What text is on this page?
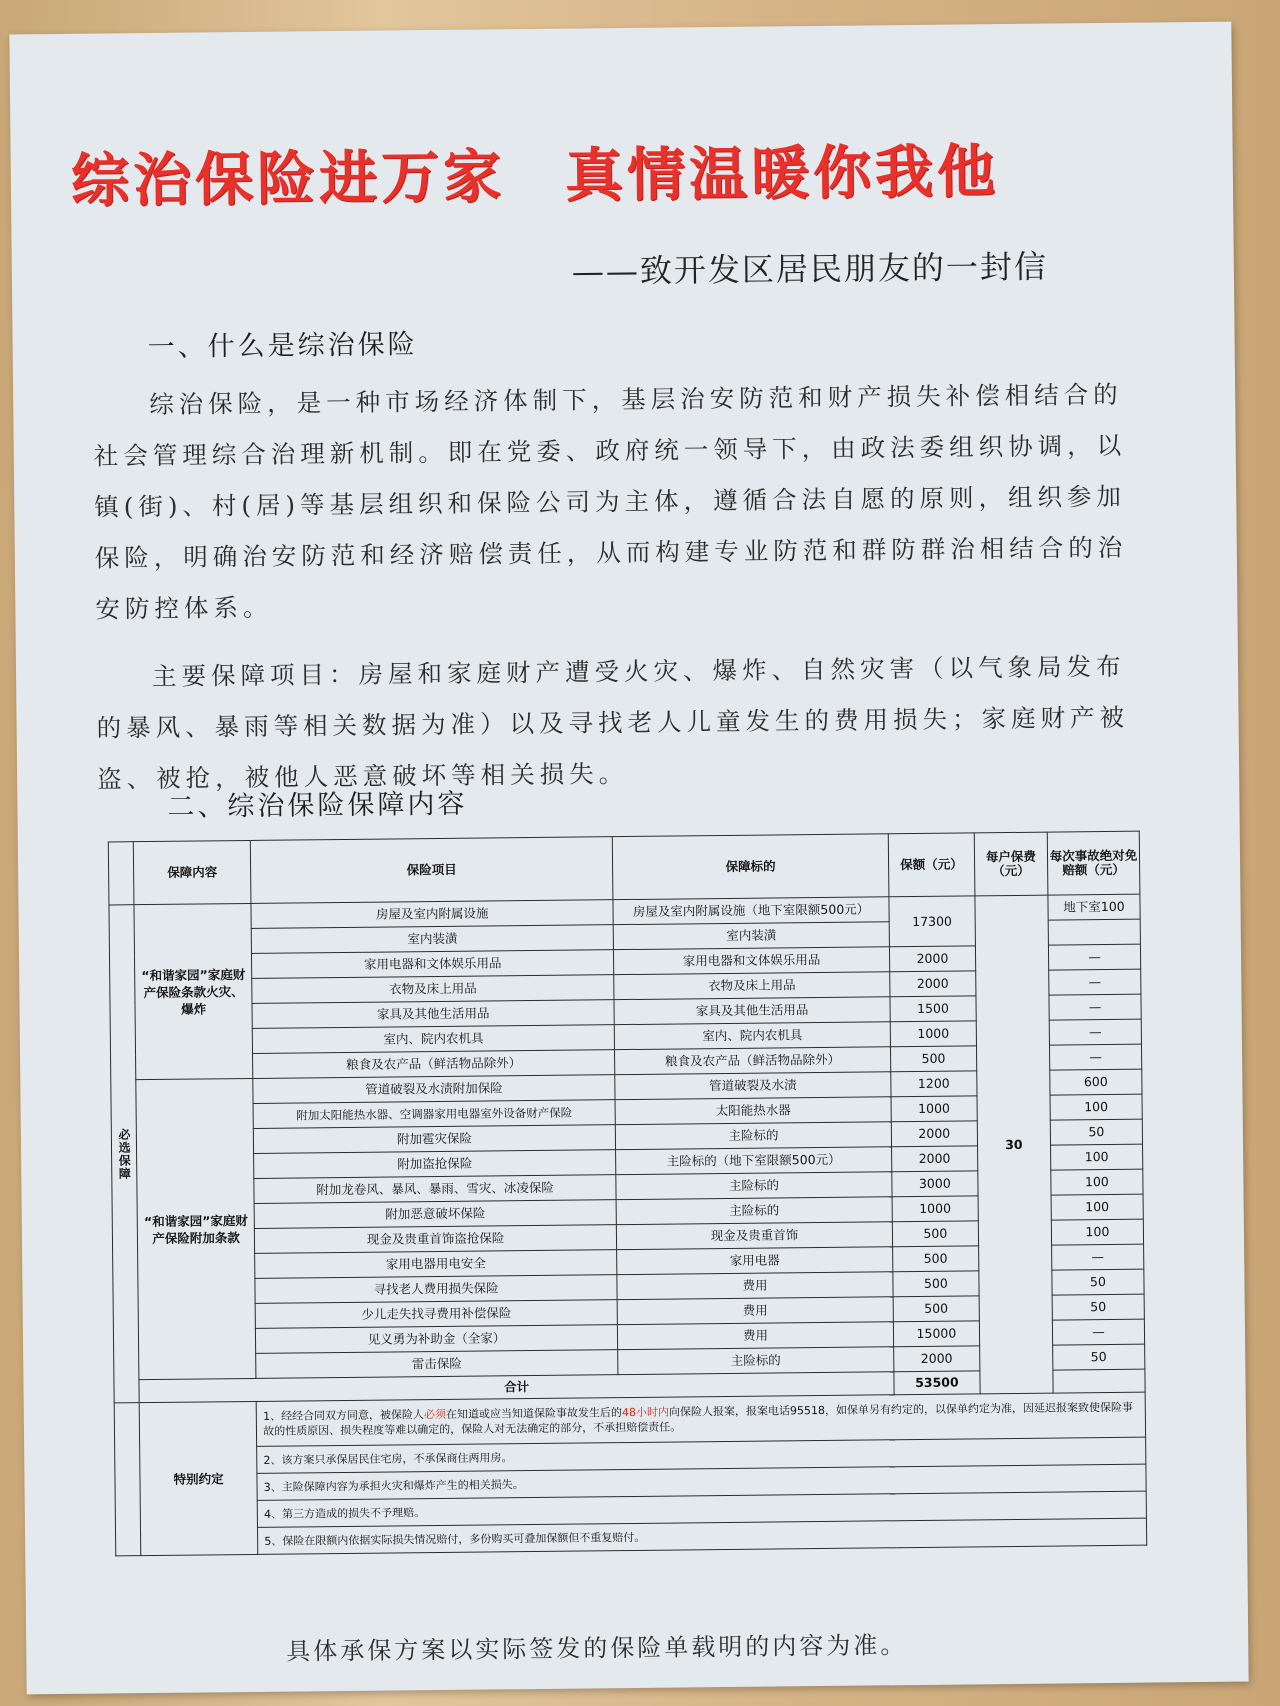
综治保险进万家 真情温暖你我他
——致开发区居民朋友的一封信
一、什么是综治保险
综治保险，是一种市场经济体制下，基层治安防范和财产损失补偿相结合的社会管理综合治理新机制。即在党委、政府统一领导下，由政法委组织协调，以镇(街)、村(居)等基层组织和保险公司为主体，遵循合法自愿的原则，组织参加保险，明确治安防范和经济赔偿责任，从而构建专业防范和群防群治相结合的治安防控体系。
主要保障项目：房屋和家庭财产遭受火灾、爆炸、自然灾害（以气象局发布的暴风、暴雨等相关数据为准）以及寻找老人儿童发生的费用损失；家庭财产被盗、被抢，被他人恶意破坏等相关损失。
二、综治保险保障内容
	保障内容	保险项目	保障标的	保额（元）	每户保费（元）	每次事故绝对免赔额（元）
必选保障	“和谐家园”家庭财产保险条款火灾、爆炸	房屋及室内附属设施	房屋及室内附属设施（地下室限额500元）	17300	30	地下室100
		室内装潢	室内装潢			
		家用电器和文体娱乐用品	家用电器和文体娱乐用品	2000		—
		衣物及床上用品	衣物及床上用品	2000		—
		家具及其他生活用品	家具及其他生活用品	1500		—
		室内、院内农机具	室内、院内农机具	1000		—
		粮食及农产品（鲜活物品除外）	粮食及农产品（鲜活物品除外）	500		—
	“和谐家园”家庭财产保险附加条款	管道破裂及水渍附加保险	管道破裂及水渍	1200		600
		附加太阳能热水器、空调器家用电器室外设备财产保险	太阳能热水器	1000		100
		附加雹灾保险	主险标的	2000		50
		附加盗抢保险	主险标的（地下室限额500元）	2000		100
		附加龙卷风、暴风、暴雨、雪灾、冰凌保险	主险标的	3000		100
		附加恶意破坏保险	主险标的	1000		100
		现金及贵重首饰盗抢保险	现金及贵重首饰	500		100
		家用电器用电安全	家用电器	500		—
		寻找老人费用损失保险	费用	500		50
		少儿走失找寻费用补偿保险	费用	500		50
		见义勇为补助金（全家）	费用	15000		—
		雷击保险	主险标的	2000		50
	合计			53500		
	特别约定	1、经经合同双方同意，被保险人必须在知道或应当知道保险事故发生后的48小时内向保险人报案，报案电话95518，如保单另有约定的，以保单约定为准，因延迟报案致使保险事故的性质原因、损失程度等难以确定的，保险人对无法确定的部分，不承担赔偿责任。				
		2、该方案只承保居民住宅房，不承保商住两用房。				
		3、主险保障内容为承担火灾和爆炸产生的相关损失。				
		4、第三方造成的损失不予理赔。				
		5、保险在限额内依据实际损失情况赔付，多份购买可叠加保额但不重复赔付。				
具体承保方案以实际签发的保险单载明的内容为准。
